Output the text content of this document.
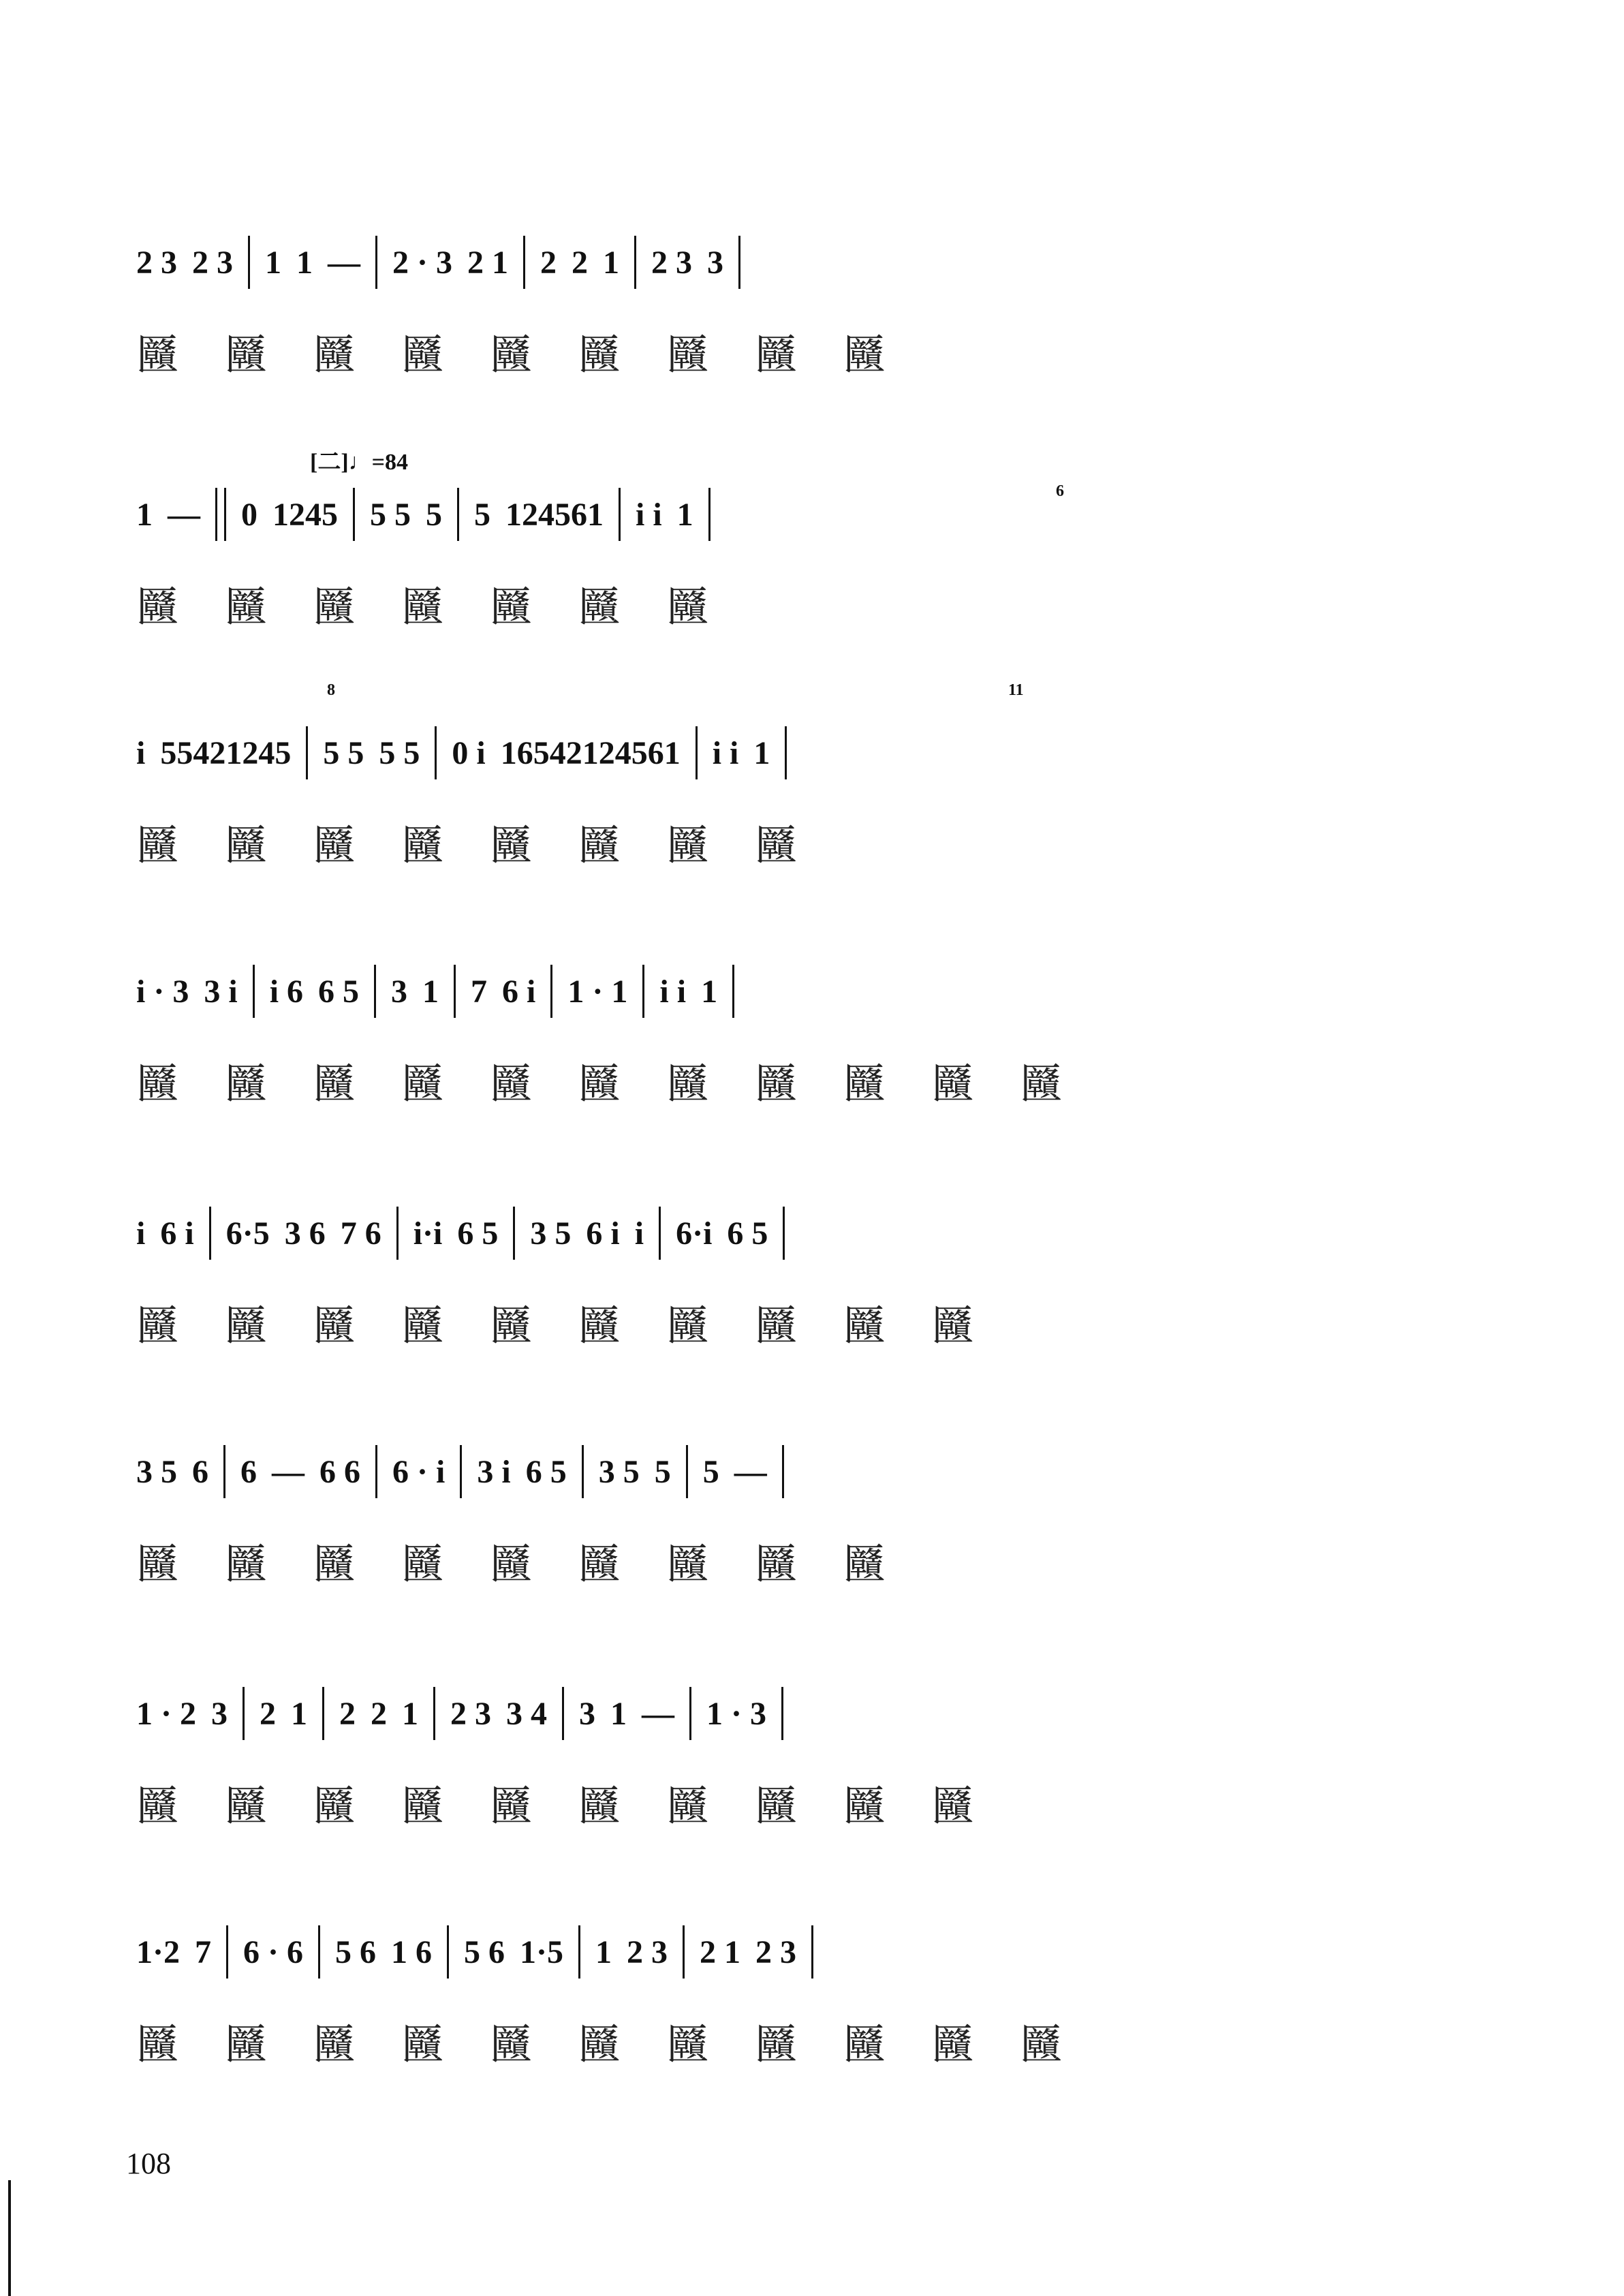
2 3 2 3 1 1 — 2 · 3 2 1 2 2 1 2 3 3
㔶 㔶 㔶 㔶 㔶 㔶 㔶 㔶 㔶
1 — 0 1245 5 5 5 5 124561 i i 1
㔶 㔶 㔶 㔶 㔶 㔶 㔶
i 55421245 5 5 5 5 0 i 16542124561 i i 1
㔶 㔶 㔶 㔶 㔶 㔶 㔶 㔶
i · 3 3 i i 6 6 5 3 1 7 6 i 1 · 1 i i 1
㔶 㔶 㔶 㔶 㔶 㔶 㔶 㔶 㔶 㔶 㔶
i 6 i 6·5 3 6 7 6 i·i 6 5 3 5 6 i i 6·i 6 5
㔶 㔶 㔶 㔶 㔶 㔶 㔶 㔶 㔶 㔶
3 5 6 6 — 6 6 6 · i 3 i 6 5 3 5 5 5 —
㔶 㔶 㔶 㔶 㔶 㔶 㔶 㔶 㔶
1 · 2 3 2 1 2 2 1 2 3 3 4 3 1 — 1 · 3
㔶 㔶 㔶 㔶 㔶 㔶 㔶 㔶 㔶 㔶
1·2 7 6 · 6 5 6 1 6 5 6 1·5 1 2 3 2 1 2 3
㔶 㔶 㔶 㔶 㔶 㔶 㔶 㔶 㔶 㔶 㔶
[二]♩=84
6
8	11
108
